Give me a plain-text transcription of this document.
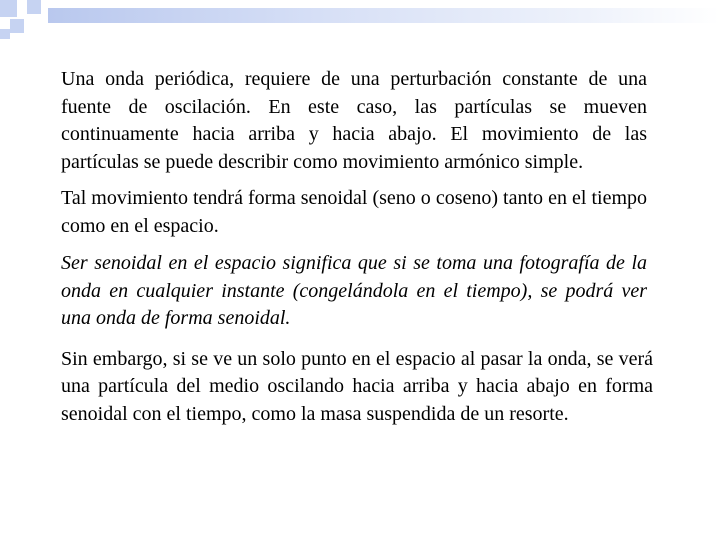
Una onda periódica, requiere de una perturbación constante de una fuente de oscilación. En este caso, las partículas se mueven continuamente hacia arriba y hacia abajo. El movimiento de las partículas se puede describir como movimiento armónico simple.

Tal movimiento tendrá forma senoidal (seno o coseno) tanto en el tiempo como en el espacio.

Ser senoidal en el espacio significa que si se toma una fotografía de la onda en cualquier instante (congelándola en el tiempo), se podrá ver una onda de forma senoidal.

Sin embargo, si se ve un solo punto en el espacio al pasar la onda, se verá una partícula del medio oscilando hacia arriba y hacia abajo en forma senoidal con el tiempo, como la masa suspendida de un resorte.
